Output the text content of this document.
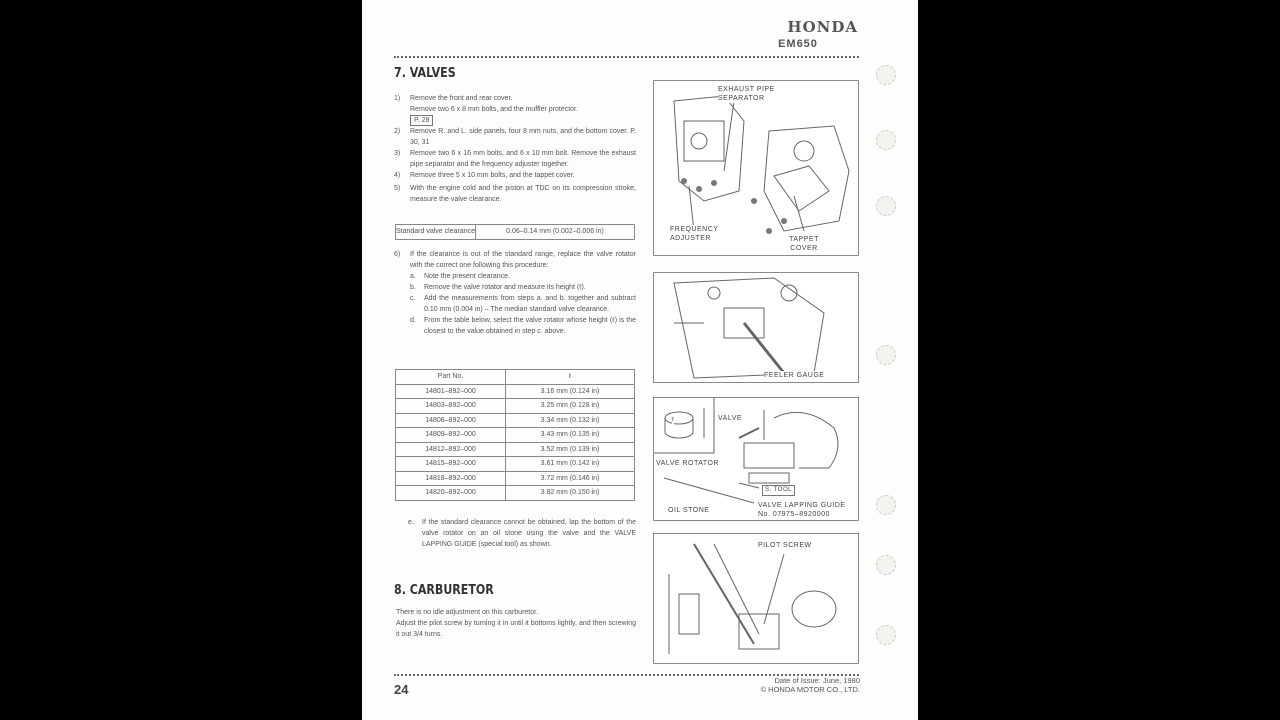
HONDA
EM650
7. VALVES
1) Remove the front and rear cover.
Remove two 6 x 8 mm bolts, and the muffler protector.
P. 28
2) Remove R. and L. side panels, four 8 mm nuts, and the bottom cover. P. 30, 31
3) Remove two 6 x 16 mm bolts, and 6 x 10 mm bolt. Remove the exhaust pipe separator and the frequency adjuster together.
4) Remove three 5 x 10 mm bolts, and the tappet cover.
5) With the engine cold and the piston at TDC on its compression stroke, measure the valve clearance.
Standard valve clearance	0.06–0.14 mm (0.002–0.006 in)
6) If the clearance is out of the standard range, replace the valve rotator with the correct one following this procedure:
a. Note the present clearance.
b. Remove the valve rotator and measure its height (ℓ).
c. Add the measurements from steps a. and b. together and subtract 0.10 mm (0.004 in) – The median standard valve clearance.
d. From the table below, select the valve rotator whose height (ℓ) is the closest to the value obtained in step c. above.
Part No.	ℓ
14801–892–000	3.16 mm (0.124 in)
14803–892–000	3.25 mm (0.128 in)
14806–892–000	3.34 mm (0.132 in)
14809–892–000	3.43 mm (0.135 in)
14812–892–000	3.52 mm (0.139 in)
14815–892–000	3.61 mm (0.142 in)
14818–892–000	3.72 mm (0.146 in)
14820–892–000	3.82 mm (0.150 in)
e. If the standard clearance cannot be obtained, lap the bottom of the valve rotator on an oil stone using the valve and the VALVE LAPPING GUIDE (special tool) as shown.
8. CARBURETOR
There is no idle adjustment on this carburetor.
Adjust the pilot screw by turning it in until it bottoms lightly, and then screwing it out 3/4 turns.
EXHAUST PIPE SEPARATOR
FREQUENCY ADJUSTER	TAPPET COVER
FEELER GAUGE
ℓ	VALVE
VALVE ROTATOR
S. TOOL
OIL STONE
VALVE LAPPING GUIDE
No. 07975–8920000
PILOT SCREW
24
Date of Issue: June, 1980
© HONDA MOTOR CO., LTD.
